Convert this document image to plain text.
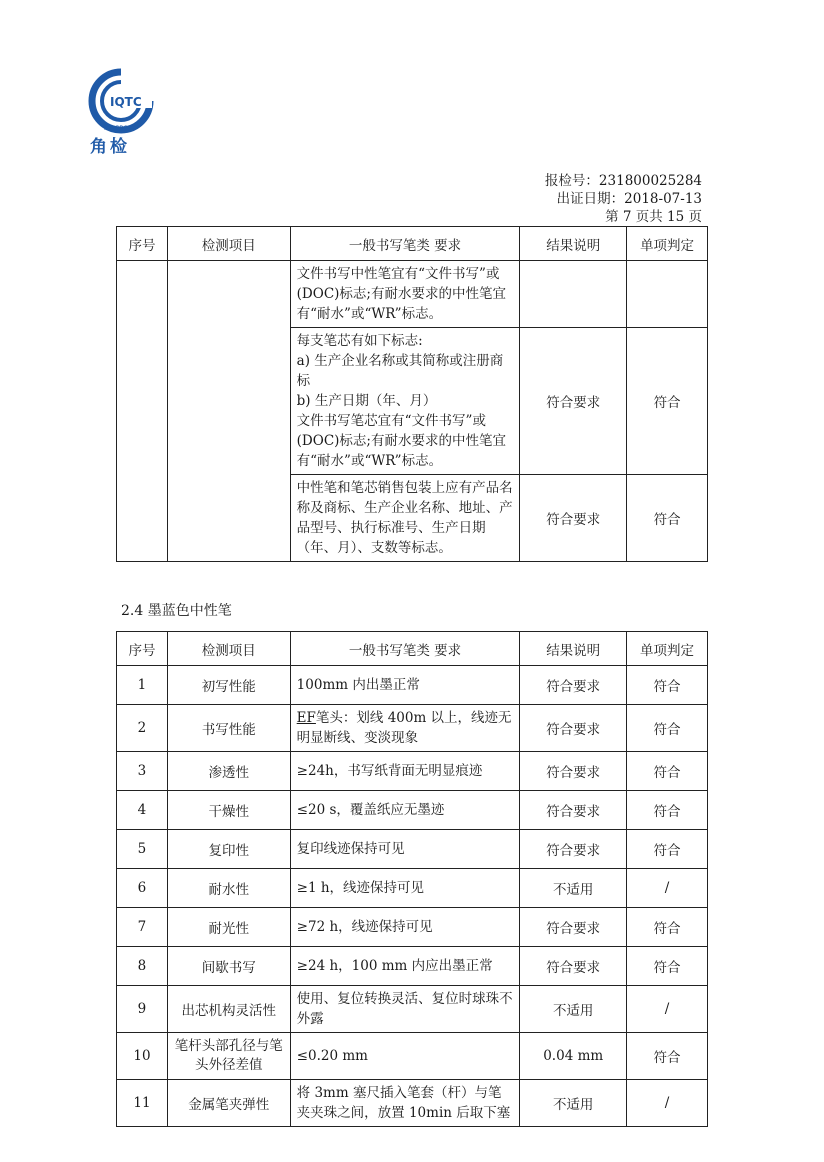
IQTC
NINGBO
角检
报检号：231800025284
出证日期：2018-07-13
第 7 页共 15 页
序号	检测项目	一般书写笔类 要求	结果说明	单项判定
		文件书写中性笔宜有“文件书写”或(DOC)标志;有耐水要求的中性笔宜有“耐水”或“WR”标志。		

		每支笔芯有如下标志:
a) 生产企业名称或其简称或注册商标
b) 生产日期（年、月）
文件书写笔芯宜有“文件书写”或(DOC)标志;有耐水要求的中性笔宜有“耐水”或“WR”标志。	符合要求	符合
		中性笔和笔芯销售包装上应有产品名称及商标、生产企业名称、地址、产品型号、执行标准号、生产日期（年、月）、支数等标志。	符合要求	符合
2.4 墨蓝色中性笔
序号	检测项目	一般书写笔类 要求	结果说明	单项判定
1	初写性能	100mm 内出墨正常	符合要求	符合
2	书写性能	EF笔头：划线 400m 以上，线迹无明显断线、变淡现象	符合要求	符合
3	渗透性	≥24h，书写纸背面无明显痕迹	符合要求	符合
4	干燥性	≤20 s，覆盖纸应无墨迹	符合要求	符合
5	复印性	复印线迹保持可见	符合要求	符合
6	耐水性	≥1 h，线迹保持可见	不适用	/
7	耐光性	≥72 h，线迹保持可见	符合要求	符合
8	间歇书写	≥24 h，100 mm 内应出墨正常	符合要求	符合
9	出芯机构灵活性	使用、复位转换灵活、复位时球珠不外露	不适用	/
10	笔杆头部孔径与笔头外径差值	≤0.20 mm	0.04 mm	符合
11	金属笔夹弹性	将 3mm 塞尺插入笔套（杆）与笔夹夹珠之间，放置 10min 后取下塞	不适用	/
